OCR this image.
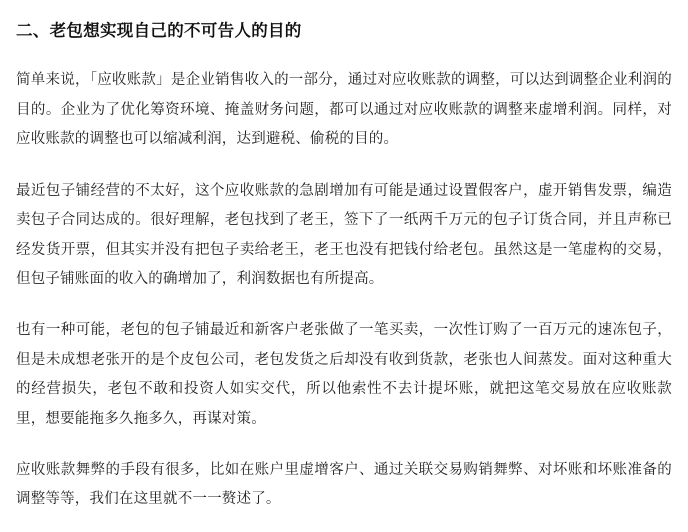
二、老包想实现自己的不可告人的目的

简单来说，「应收账款」是企业销售收入的一部分，通过对应收账款的调整，可以达到调整企业利润的目的。企业为了优化筹资环境、掩盖财务问题，都可以通过对应收账款的调整来虚增利润。同样，对应收账款的调整也可以缩减利润，达到避税、偷税的目的。

最近包子铺经营的不太好，这个应收账款的急剧增加有可能是通过设置假客户，虚开销售发票，编造卖包子合同达成的。很好理解，老包找到了老王，签下了一纸两千万元的包子订货合同，并且声称已经发货开票，但其实并没有把包子卖给老王，老王也没有把钱付给老包。虽然这是一笔虚构的交易，但包子铺账面的收入的确增加了，利润数据也有所提高。

也有一种可能，老包的包子铺最近和新客户老张做了一笔买卖，一次性订购了一百万元的速冻包子，但是未成想老张开的是个皮包公司，老包发货之后却没有收到货款，老张也人间蒸发。面对这种重大的经营损失，老包不敢和投资人如实交代，所以他索性不去计提坏账，就把这笔交易放在应收账款里，想要能拖多久拖多久，再谋对策。

应收账款舞弊的手段有很多，比如在账户里虚增客户、通过关联交易购销舞弊、对坏账和坏账准备的调整等等，我们在这里就不一一赘述了。
